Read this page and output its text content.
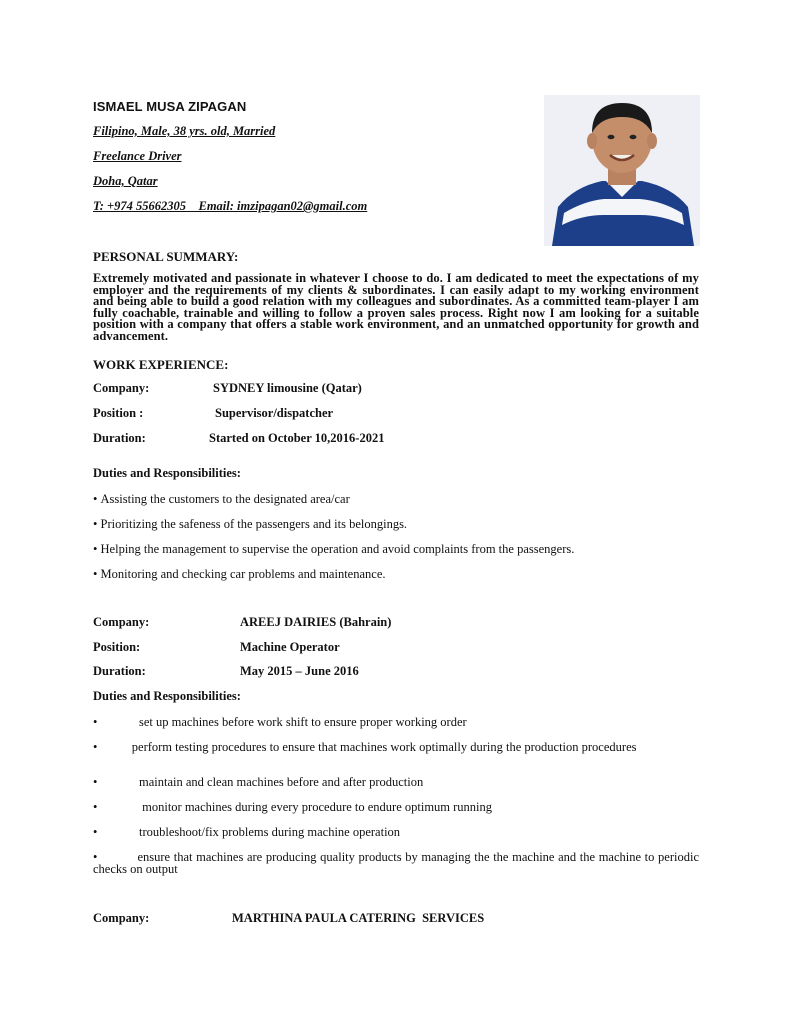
ISMAEL MUSA ZIPAGAN
Filipino, Male, 38 yrs. old, Married
Freelance Driver
Doha, Qatar
T: +974 55662305    Email: imzipagan02@gmail.com
PERSONAL SUMMARY:
Extremely motivated and passionate in whatever I choose to do. I am dedicated to meet the expectations of my employer and the requirements of my clients & subordinates. I can easily adapt to my working environment and being able to build a good relation with my colleagues and subordinates. As a committed team-player I am fully coachable, trainable and willing to follow a proven sales process. Right now I am looking for a suitable position with a company that offers a stable work environment, and an unmatched opportunity for growth and advancement.
WORK EXPERIENCE:
Company:	SYDNEY limousine (Qatar)
Position :	Supervisor/dispatcher
Duration:	Started on October 10,2016-2021
Duties and Responsibilities:
• Assisting the customers to the designated area/car
• Prioritizing the safeness of the passengers and its belongings.
• Helping the management to supervise the operation and avoid complaints from the passengers.
• Monitoring and checking car problems and maintenance.
Company:	AREEJ DAIRIES (Bahrain)
Position:	Machine Operator
Duration:	May 2015 – June 2016
Duties and Responsibilities:
•	set up machines before work shift to ensure proper working order
•	perform testing procedures to ensure that machines work optimally during the production procedures
•	maintain and clean machines before and after production
•	monitor machines during every procedure to endure optimum running
•	troubleshoot/fix problems during machine operation
•	ensure that machines are producing quality products by managing the the machine and the machine to periodic checks on output
Company:	MARTHINA PAULA CATERING  SERVICES
